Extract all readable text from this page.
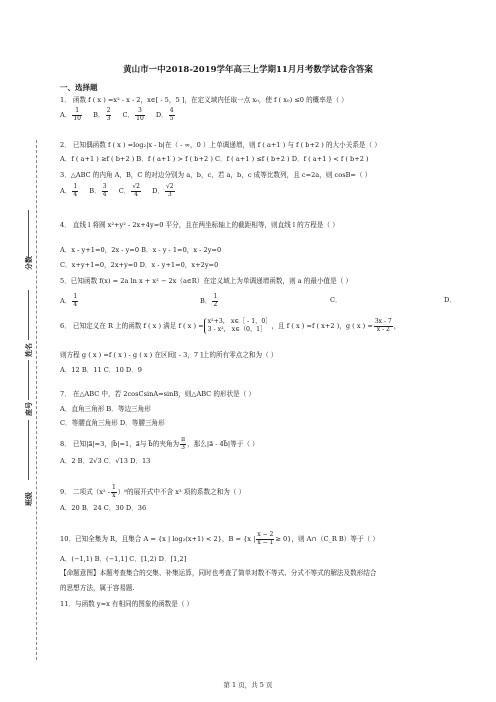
分数
姓名
座号
班级
黄山市一中2018-2019学年高三上学期11月月考数学试卷含答案
一、选择题
1． 函数 f ( x ) =x² - x - 2，x∈[ - 5，5 ]，在定义域内任取一点 x₀，使 f ( x₀) ≤0 的概率是（ ）
A． $\frac{1}{10}$ B． $\frac{2}{3}$ C． $\frac{3}{10}$ D． $\frac{4}{5}$
2． 已知偶函数 f ( x ) =log₂|x - b|在（ - ∞，0 ）上单调递增，则 f ( a+1 ) 与 f ( b+2 ) 的大小关系是（ ）
A．f ( a+1 ) ≥f ( b+2 ) B．f ( a+1 ) > f ( b+2 ) C．f ( a+1 ) ≤f ( b+2 ) D．f ( a+1 ) < f ( b+2 )
3．△ABC 的内角 A，B，C 的对边分别为 a，b，c，若 a，b，c 成等比数列，且 c=2a，则 cosB=（ ）
A． $\frac{1}{4}$ B． $\frac{3}{4}$ C． $\frac{√2}{4}$ D． $\frac{√2}{3}$
4． 直线 l 将圆 x²+y² - 2x+4y=0 平分，且在两坐标轴上的截距相等，则直线 l 的方程是（ ）
A．x - y+1=0，2x - y=0 B．x - y - 1=0，x - 2y=0
C．x+y+1=0，2x+y=0 D．x - y+1=0，x+2y=0
5．已知函数 f(x) = 2a ln x + x² − 2x（a∈R）在定义域上为单调递增函数，则 a 的最小值是（ ）
A． $\frac{1}{4}$	B． $\frac{1}{2}$	C．	D．
6． 已知定义在 R 上的函数 f ( x ) 满足 f ( x ) =
x²+3， x∈［ - 1，0］
3 - x²， x∈（0，1］ ，且 f ( x ) =f ( x+2 )，g ( x ) = $\frac{3x - 7}{x - 2}$ ，
则方程 g ( x ) =f ( x ) - g ( x ) 在区间[ - 3，7 ]上的所有零点之和为（ ）
A．12 B．11 C．10 D．9
7． 在△ABC 中，若 2cosCsinA=sinB，则△ABC 的形状是（ ）
A．直角三角形 B．等边三角形
C．等腰直角三角形 D．等腰三角形
8． 已知|a⃗|=3，|b⃗|=1，a⃗与 b⃗的夹角为 $\frac{\pi}{3}$ ，那么|a⃗ - 4b⃗|等于（ ）
A．2 B．2√3 C．√13 D．13
9． 二项式$(x^2 - \frac{1}{x} )^6$的展开式中不含 x³ 项的系数之和为（ ）
A．20 B．24 C．30 D．36
10．已知全集为 R，且集合 A = {x | log₂(x+1) < 2}，B = {x | $\frac{x - 2}{x - 1} \ge 0$}，则 A∩（C_R B）等于（ ）
A．(−1,1) B．(−1,1] C．[1,2) D．[1,2]
【命题意图】本题考查集合的交集、补集运算，同时也考查了简单对数不等式、分式不等式的解法及数形结合
的思想方法，属于容易题.
11．与函数 y=x 有相同的图象的函数是（ ）
第 1 页，共 5 页
